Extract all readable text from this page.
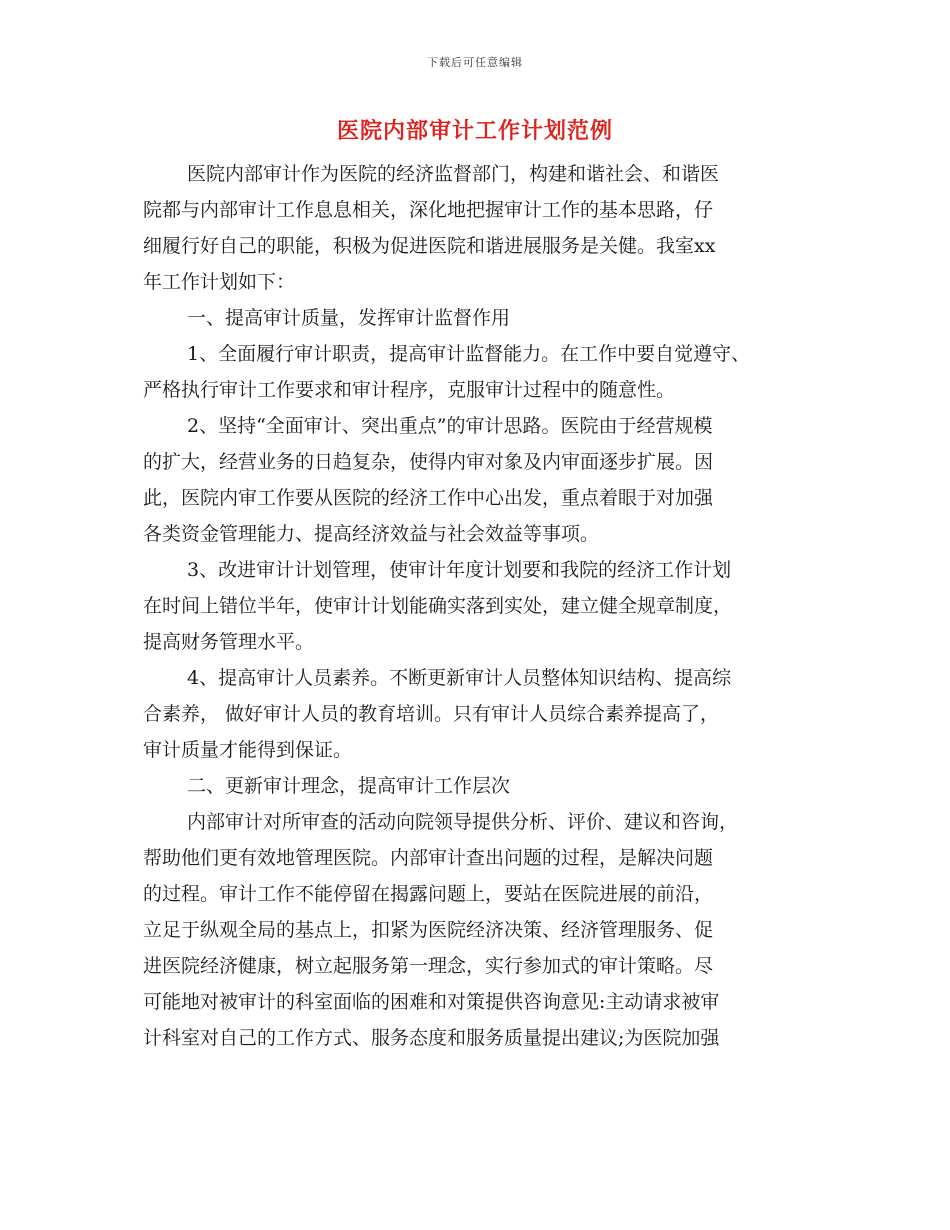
下载后可任意编辑
医院内部审计工作计划范例
医院内部审计作为医院的经济监督部门，构建和谐社会、和谐医
院都与内部审计工作息息相关，深化地把握审计工作的基本思路，仔
细履行好自己的职能，积极为促进医院和谐进展服务是关健。我室xx
年工作计划如下：
一、提高审计质量，发挥审计监督作用
1、全面履行审计职责，提高审计监督能力。在工作中要自觉遵守、
严格执行审计工作要求和审计程序，克服审计过程中的随意性。
2、坚持“全面审计、突出重点”的审计思路。医院由于经营规模
的扩大，经营业务的日趋复杂，使得内审对象及内审面逐步扩展。因
此，医院内审工作要从医院的经济工作中心出发，重点着眼于对加强
各类资金管理能力、提高经济效益与社会效益等事项。
3、改进审计计划管理，使审计年度计划要和我院的经济工作计划
在时间上错位半年，使审计计划能确实落到实处，建立健全规章制度，
提高财务管理水平。
4、提高审计人员素养。不断更新审计人员整体知识结构、提高综
合素养， 做好审计人员的教育培训。只有审计人员综合素养提高了，
审计质量才能得到保证。
二、更新审计理念，提高审计工作层次
内部审计对所审查的活动向院领导提供分析、评价、建议和咨询，
帮助他们更有效地管理医院。内部审计查出问题的过程，是解决问题
的过程。审计工作不能停留在揭露问题上，要站在医院进展的前沿，
立足于纵观全局的基点上，扣紧为医院经济决策、经济管理服务、促
进医院经济健康，树立起服务第一理念，实行参加式的审计策略。尽
可能地对被审计的科室面临的困难和对策提供咨询意见:主动请求被审
计科室对自己的工作方式、服务态度和服务质量提出建议;为医院加强
